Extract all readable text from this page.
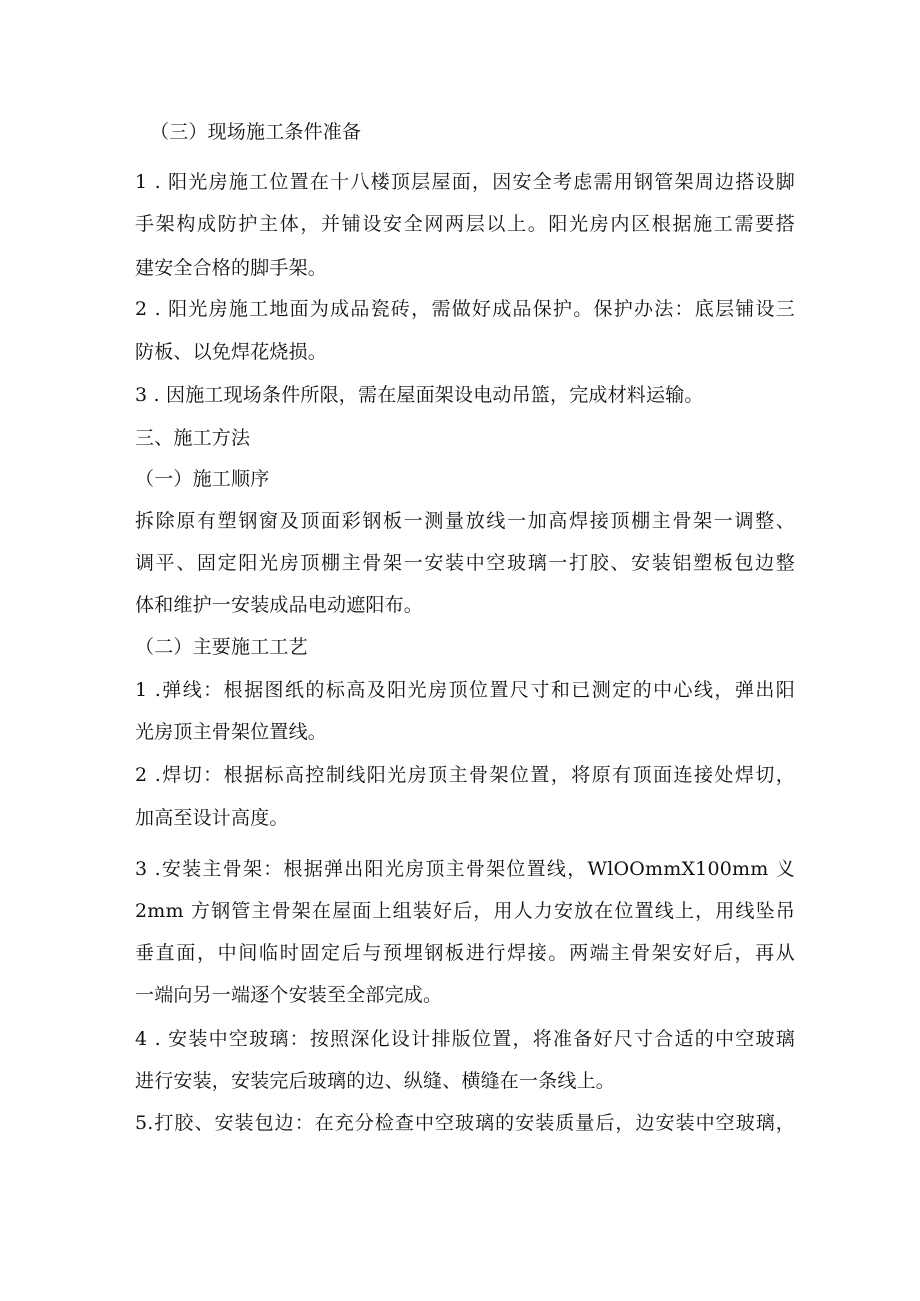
（三）现场施工条件准备
1 . 阳光房施工位置在十八楼顶层屋面，因安全考虑需用钢管架周边搭设脚
手架构成防护主体，并铺设安全网两层以上。阳光房内区根据施工需要搭
建安全合格的脚手架。
2 . 阳光房施工地面为成品瓷砖，需做好成品保护。保护办法：底层铺设三
防板、以免焊花烧损。
3 . 因施工现场条件所限，需在屋面架设电动吊篮，完成材料运输。
三、施工方法
（一）施工顺序
拆除原有塑钢窗及顶面彩钢板一测量放线一加高焊接顶棚主骨架一调整、
调平、固定阳光房顶棚主骨架一安装中空玻璃一打胶、安装铝塑板包边整
体和维护一安装成品电动遮阳布。
（二）主要施工工艺
1 .弹线：根据图纸的标高及阳光房顶位置尺寸和已测定的中心线，弹出阳
光房顶主骨架位置线。
2 .焊切：根据标高控制线阳光房顶主骨架位置，将原有顶面连接处焊切，
加高至设计高度。
3 .安装主骨架：根据弹出阳光房顶主骨架位置线，WlOOmmX100mm 义
2mm 方钢管主骨架在屋面上组装好后，用人力安放在位置线上，用线坠吊
垂直面，中间临时固定后与预埋钢板进行焊接。两端主骨架安好后，再从
一端向另一端逐个安装至全部完成。
4 . 安装中空玻璃：按照深化设计排版位置，将准备好尺寸合适的中空玻璃
进行安装，安装完后玻璃的边、纵缝、横缝在一条线上。
5.打胶、安装包边：在充分检查中空玻璃的安装质量后，边安装中空玻璃，
